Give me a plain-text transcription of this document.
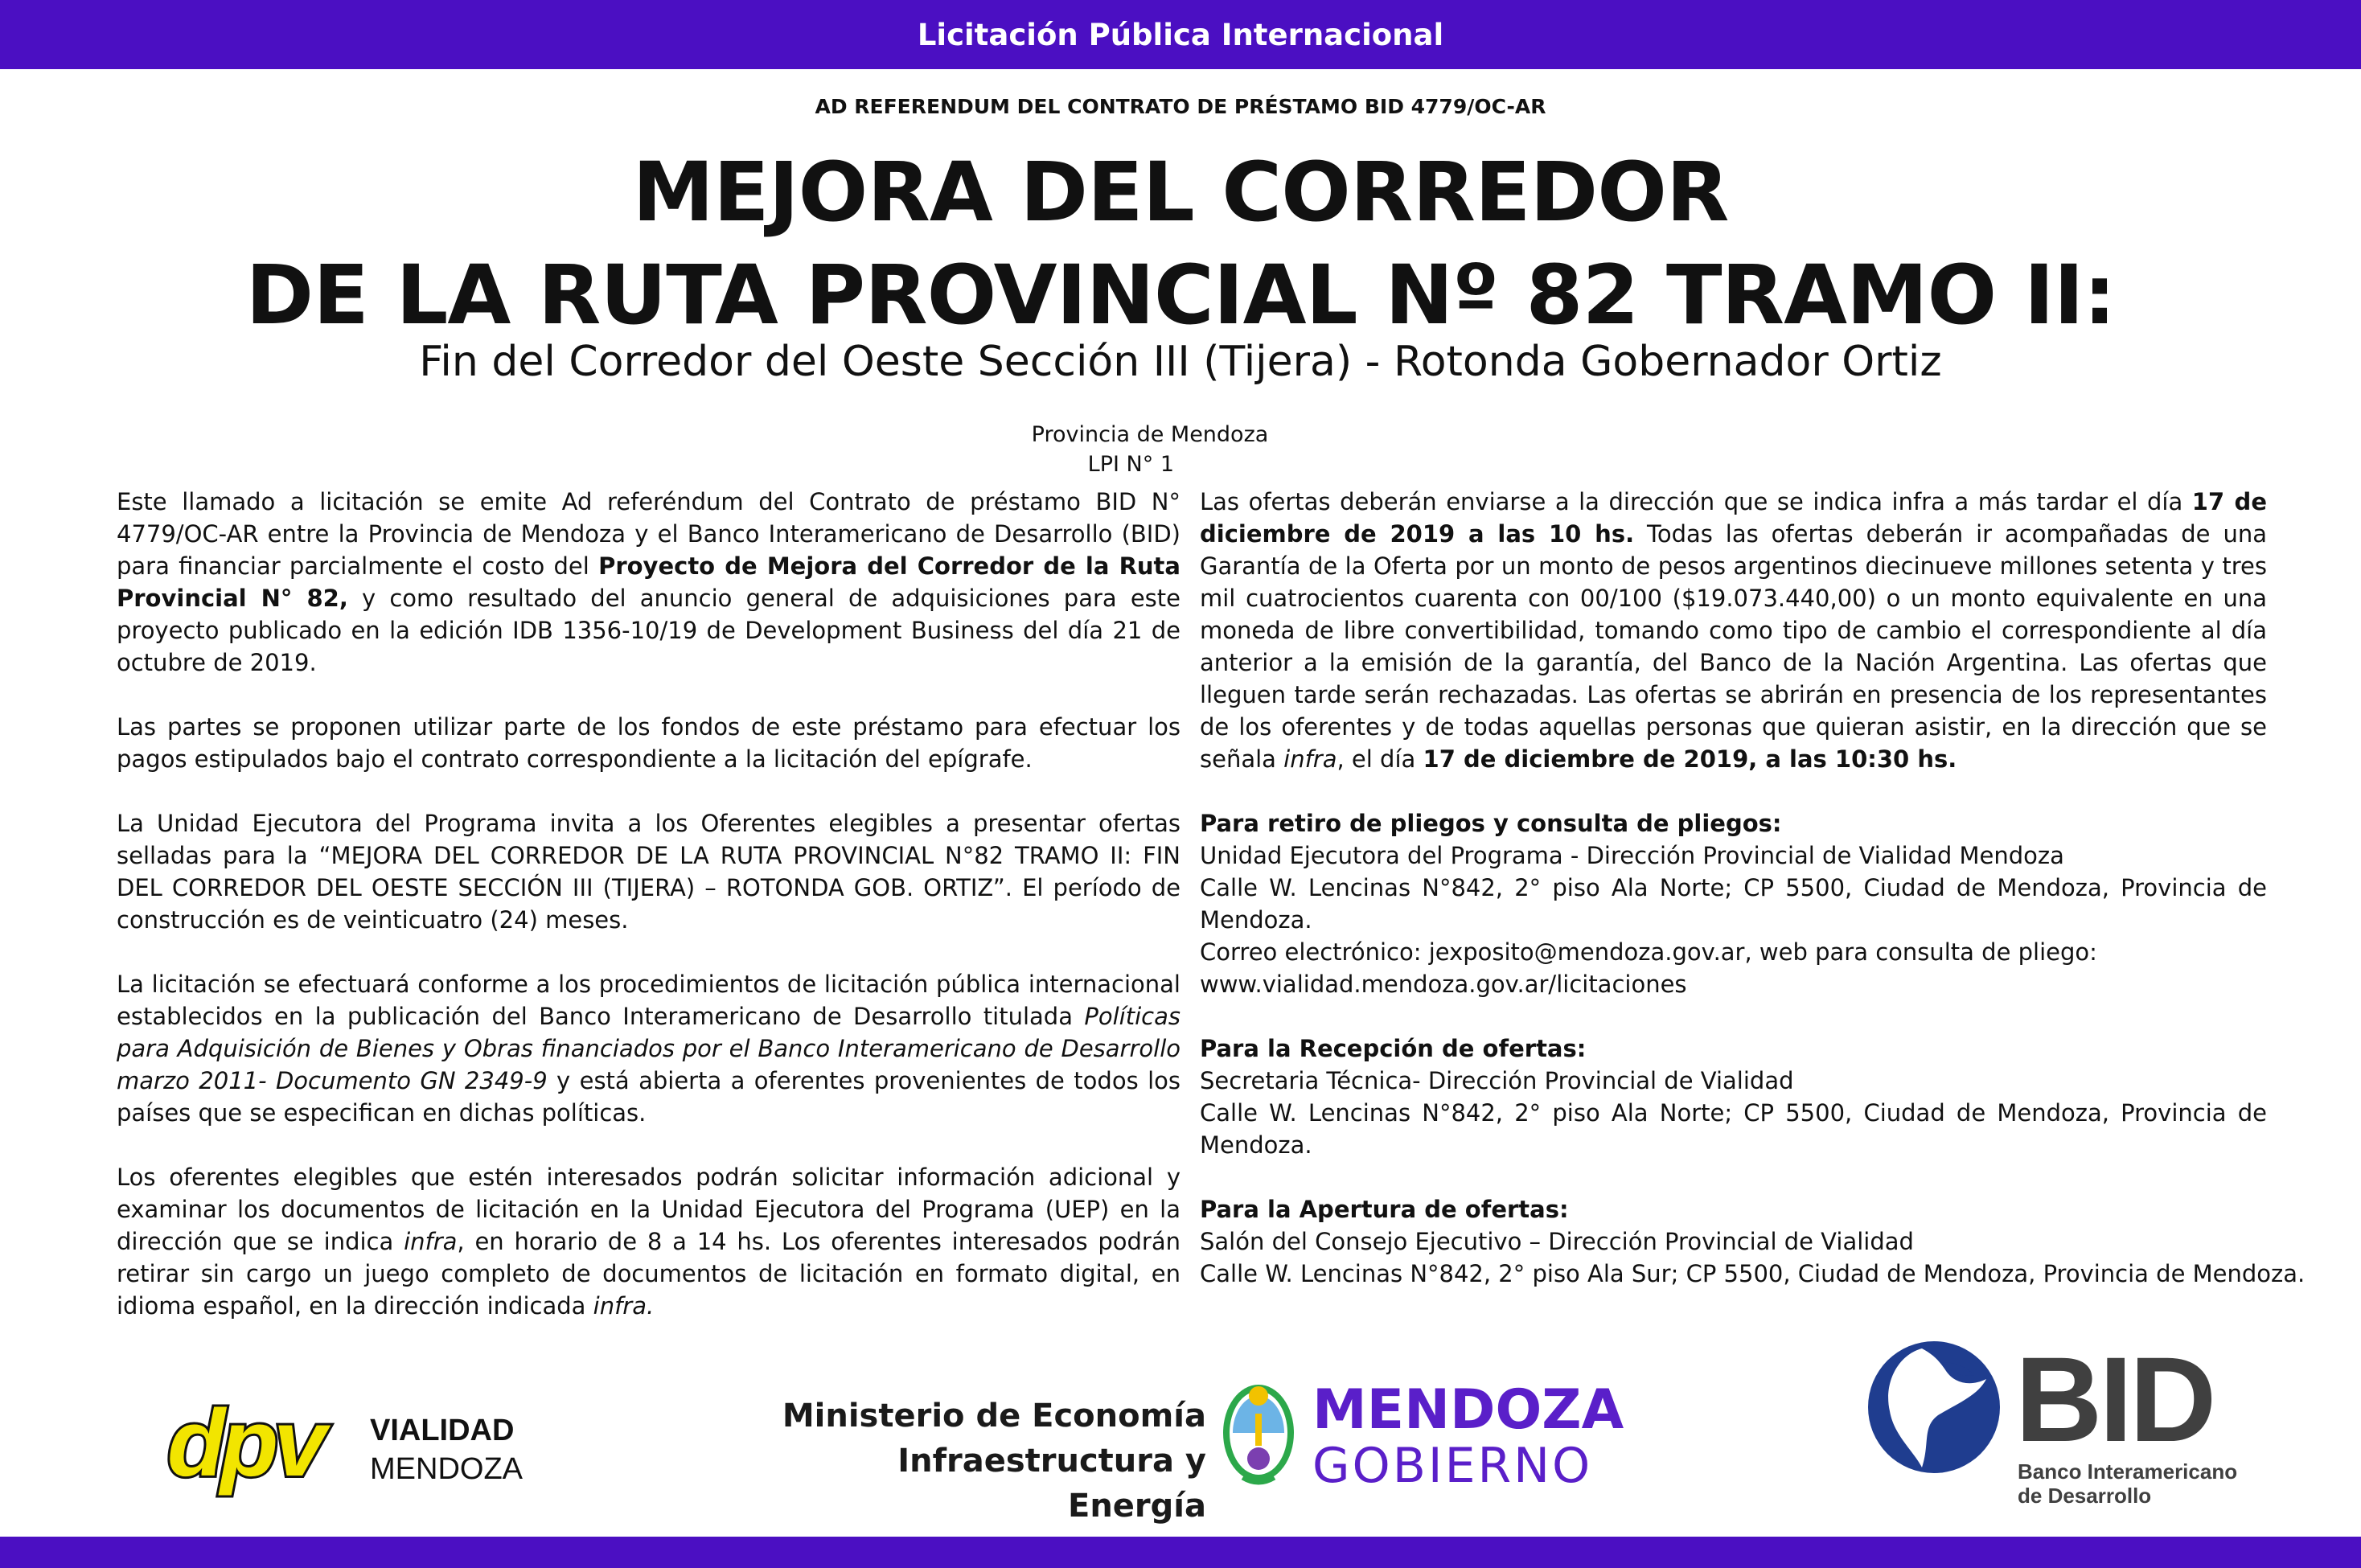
Licitación Pública Internacional
AD REFERENDUM DEL CONTRATO DE PRÉSTAMO BID 4779/OC-AR
MEJORA DEL CORREDOR
DE LA RUTA PROVINCIAL Nº 82 TRAMO II:
Fin del Corredor del Oeste Sección III (Tijera) - Rotonda Gobernador Ortiz
Provincia de Mendoza
LPI N° 1

Este llamado a licitación se emite Ad referéndum del Contrato de préstamo BID N° 4779/OC-AR entre la Provincia de Mendoza y el Banco Interamericano de Desarrollo (BID) para financiar parcialmente el costo del Proyecto de Mejora del Corredor de la Ruta Provincial N° 82, y como resultado del anuncio general de adquisiciones para este proyecto publicado en la edición IDB 1356-10/19 de Development Business del día 21 de octubre de 2019.

Las partes se proponen utilizar parte de los fondos de este préstamo para efectuar los pagos estipulados bajo el contrato correspondiente a la licitación del epígrafe.

La Unidad Ejecutora del Programa invita a los Oferentes elegibles a presentar ofertas selladas para la “MEJORA DEL CORREDOR DE LA RUTA PROVINCIAL N°82 TRAMO II: FIN DEL CORREDOR DEL OESTE SECCIÓN III (TIJERA) – ROTONDA GOB. ORTIZ”. El período de construcción es de veinticuatro (24) meses.

La licitación se efectuará conforme a los procedimientos de licitación pública internacional establecidos en la publicación del Banco Interamericano de Desarrollo titulada Políticas para Adquisición de Bienes y Obras financiados por el Banco Interamericano de Desarrollo marzo 2011- Documento GN 2349-9 y está abierta a oferentes provenientes de todos los países que se especifican en dichas políticas.

Los oferentes elegibles que estén interesados podrán solicitar información adicional y examinar los documentos de licitación en la Unidad Ejecutora del Programa (UEP) en la dirección que se indica infra, en horario de 8 a 14 hs. Los oferentes interesados podrán retirar sin cargo un juego completo de documentos de licitación en formato digital, en idioma español, en la dirección indicada infra.

Las ofertas deberán enviarse a la dirección que se indica infra a más tardar el día 17 de diciembre de 2019 a las 10 hs. Todas las ofertas deberán ir acompañadas de una Garantía de la Oferta por un monto de pesos argentinos diecinueve millones setenta y tres mil cuatrocientos cuarenta con 00/100 ($19.073.440,00) o un monto equivalente en una moneda de libre convertibilidad, tomando como tipo de cambio el correspondiente al día anterior a la emisión de la garantía, del Banco de la Nación Argentina. Las ofertas que lleguen tarde serán rechazadas. Las ofertas se abrirán en presencia de los representantes de los oferentes y de todas aquellas personas que quieran asistir, en la dirección que se señala infra, el día 17 de diciembre de 2019, a las 10:30 hs.

Para retiro de pliegos y consulta de pliegos:

Unidad Ejecutora del Programa - Dirección Provincial de Vialidad Mendoza

Calle W. Lencinas N°842, 2° piso Ala Norte; CP 5500, Ciudad de Mendoza, Provincia de Mendoza.

Correo electrónico: jexposito@mendoza.gov.ar, web para consulta de pliego:

www.vialidad.mendoza.gov.ar/licitaciones

Para la Recepción de ofertas:

Secretaria Técnica- Dirección Provincial de Vialidad

Calle W. Lencinas N°842, 2° piso Ala Norte; CP 5500, Ciudad de Mendoza, Provincia de Mendoza.

Para la Apertura de ofertas:

Salón del Consejo Ejecutivo – Dirección Provincial de Vialidad

Calle W. Lencinas N°842, 2° piso Ala Sur; CP 5500, Ciudad de Mendoza, Provincia de Mendoza.

dpv VIALIDAD
MENDOZA
Ministerio de Economía
Infraestructura y Energía
MENDOZA
GOBIERNO	BID
Banco Interamericano
de Desarrollo
